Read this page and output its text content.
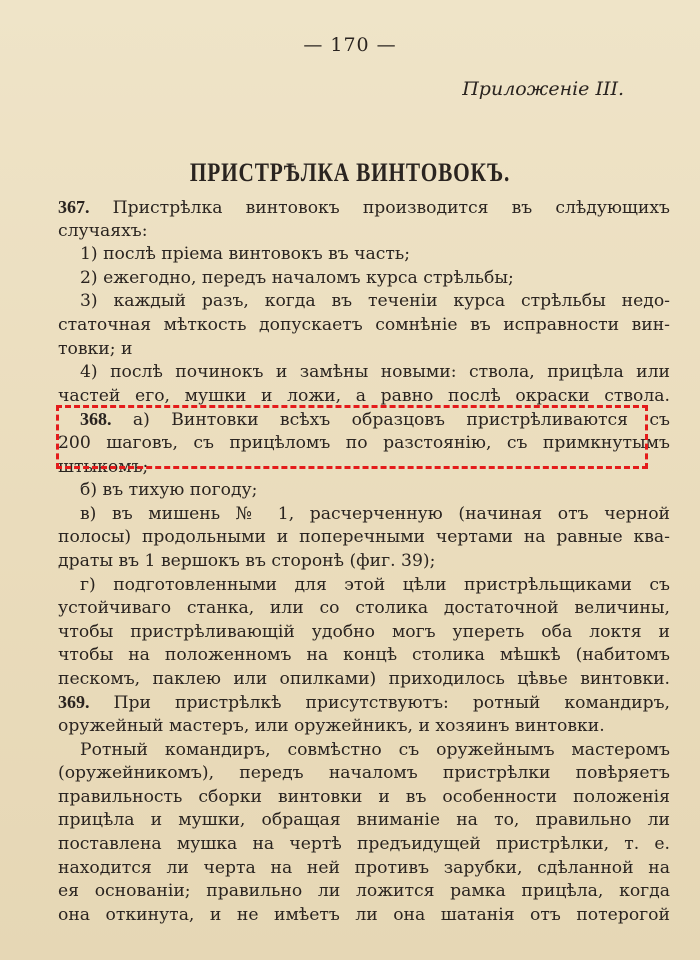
— 170 —
Приложенie III.
ПРИСТРѢЛКА ВИНТОВОКЪ.
367. Пристрѣлка винтовокъ производится въ слѣдующихъ
случаяхъ:
1) послѣ прiема винтовокъ въ часть;
2) ежегодно, передъ началомъ курса стрѣльбы;
3) каждый разъ, когда въ теченiи курса стрѣльбы недо-
статочная мѣткость допускаетъ сомнѣнiе въ исправности вин-
товки; и
4) послѣ починокъ и замѣны новыми: ствола, прицѣла или
частей его, мушки и ложи, а равно послѣ окраски ствола.
368. а) Винтовки всѣхъ образцовъ пристрѣливаются съ
200 шаговъ, съ прицѣломъ по разстоянiю, съ примкнутымъ
штыкомъ;
б) въ тихую погоду;
в) въ мишень № 1, расчерченную (начиная отъ черной
полосы) продольными и поперечными чертами на равные ква-
драты въ 1 вершокъ въ сторонѣ (фиг. 39);
г) подготовленными для этой цѣли пристрѣльщиками съ
устойчиваго станка, или со столика достаточной величины,
чтобы пристрѣливающiй удобно могъ упереть оба локтя и
чтобы на положенномъ на концѣ столика мѣшкѣ (набитомъ
пескомъ, паклею или опилками) приходилось цѣвье винтовки.
369. При пристрѣлкѣ присутствуютъ: ротный командиръ,
оружейный мастеръ, или оружейникъ, и хозяинъ винтовки.
Ротный командиръ, совмѣстно съ оружейнымъ мастеромъ
(оружейникомъ), передъ началомъ пристрѣлки повѣряетъ
правильность сборки винтовки и въ особенности положенiя
прицѣла и мушки, обращая вниманiе на то, правильно ли
поставлена мушка на чертѣ предъидущей пристрѣлки, т. е.
находится ли черта на ней противъ зарубки, сдѣланной на
ея основанiи; правильно ли ложится рамка прицѣла, когда
она откинута, и не имѣетъ ли она шатанiя отъ потерогой
